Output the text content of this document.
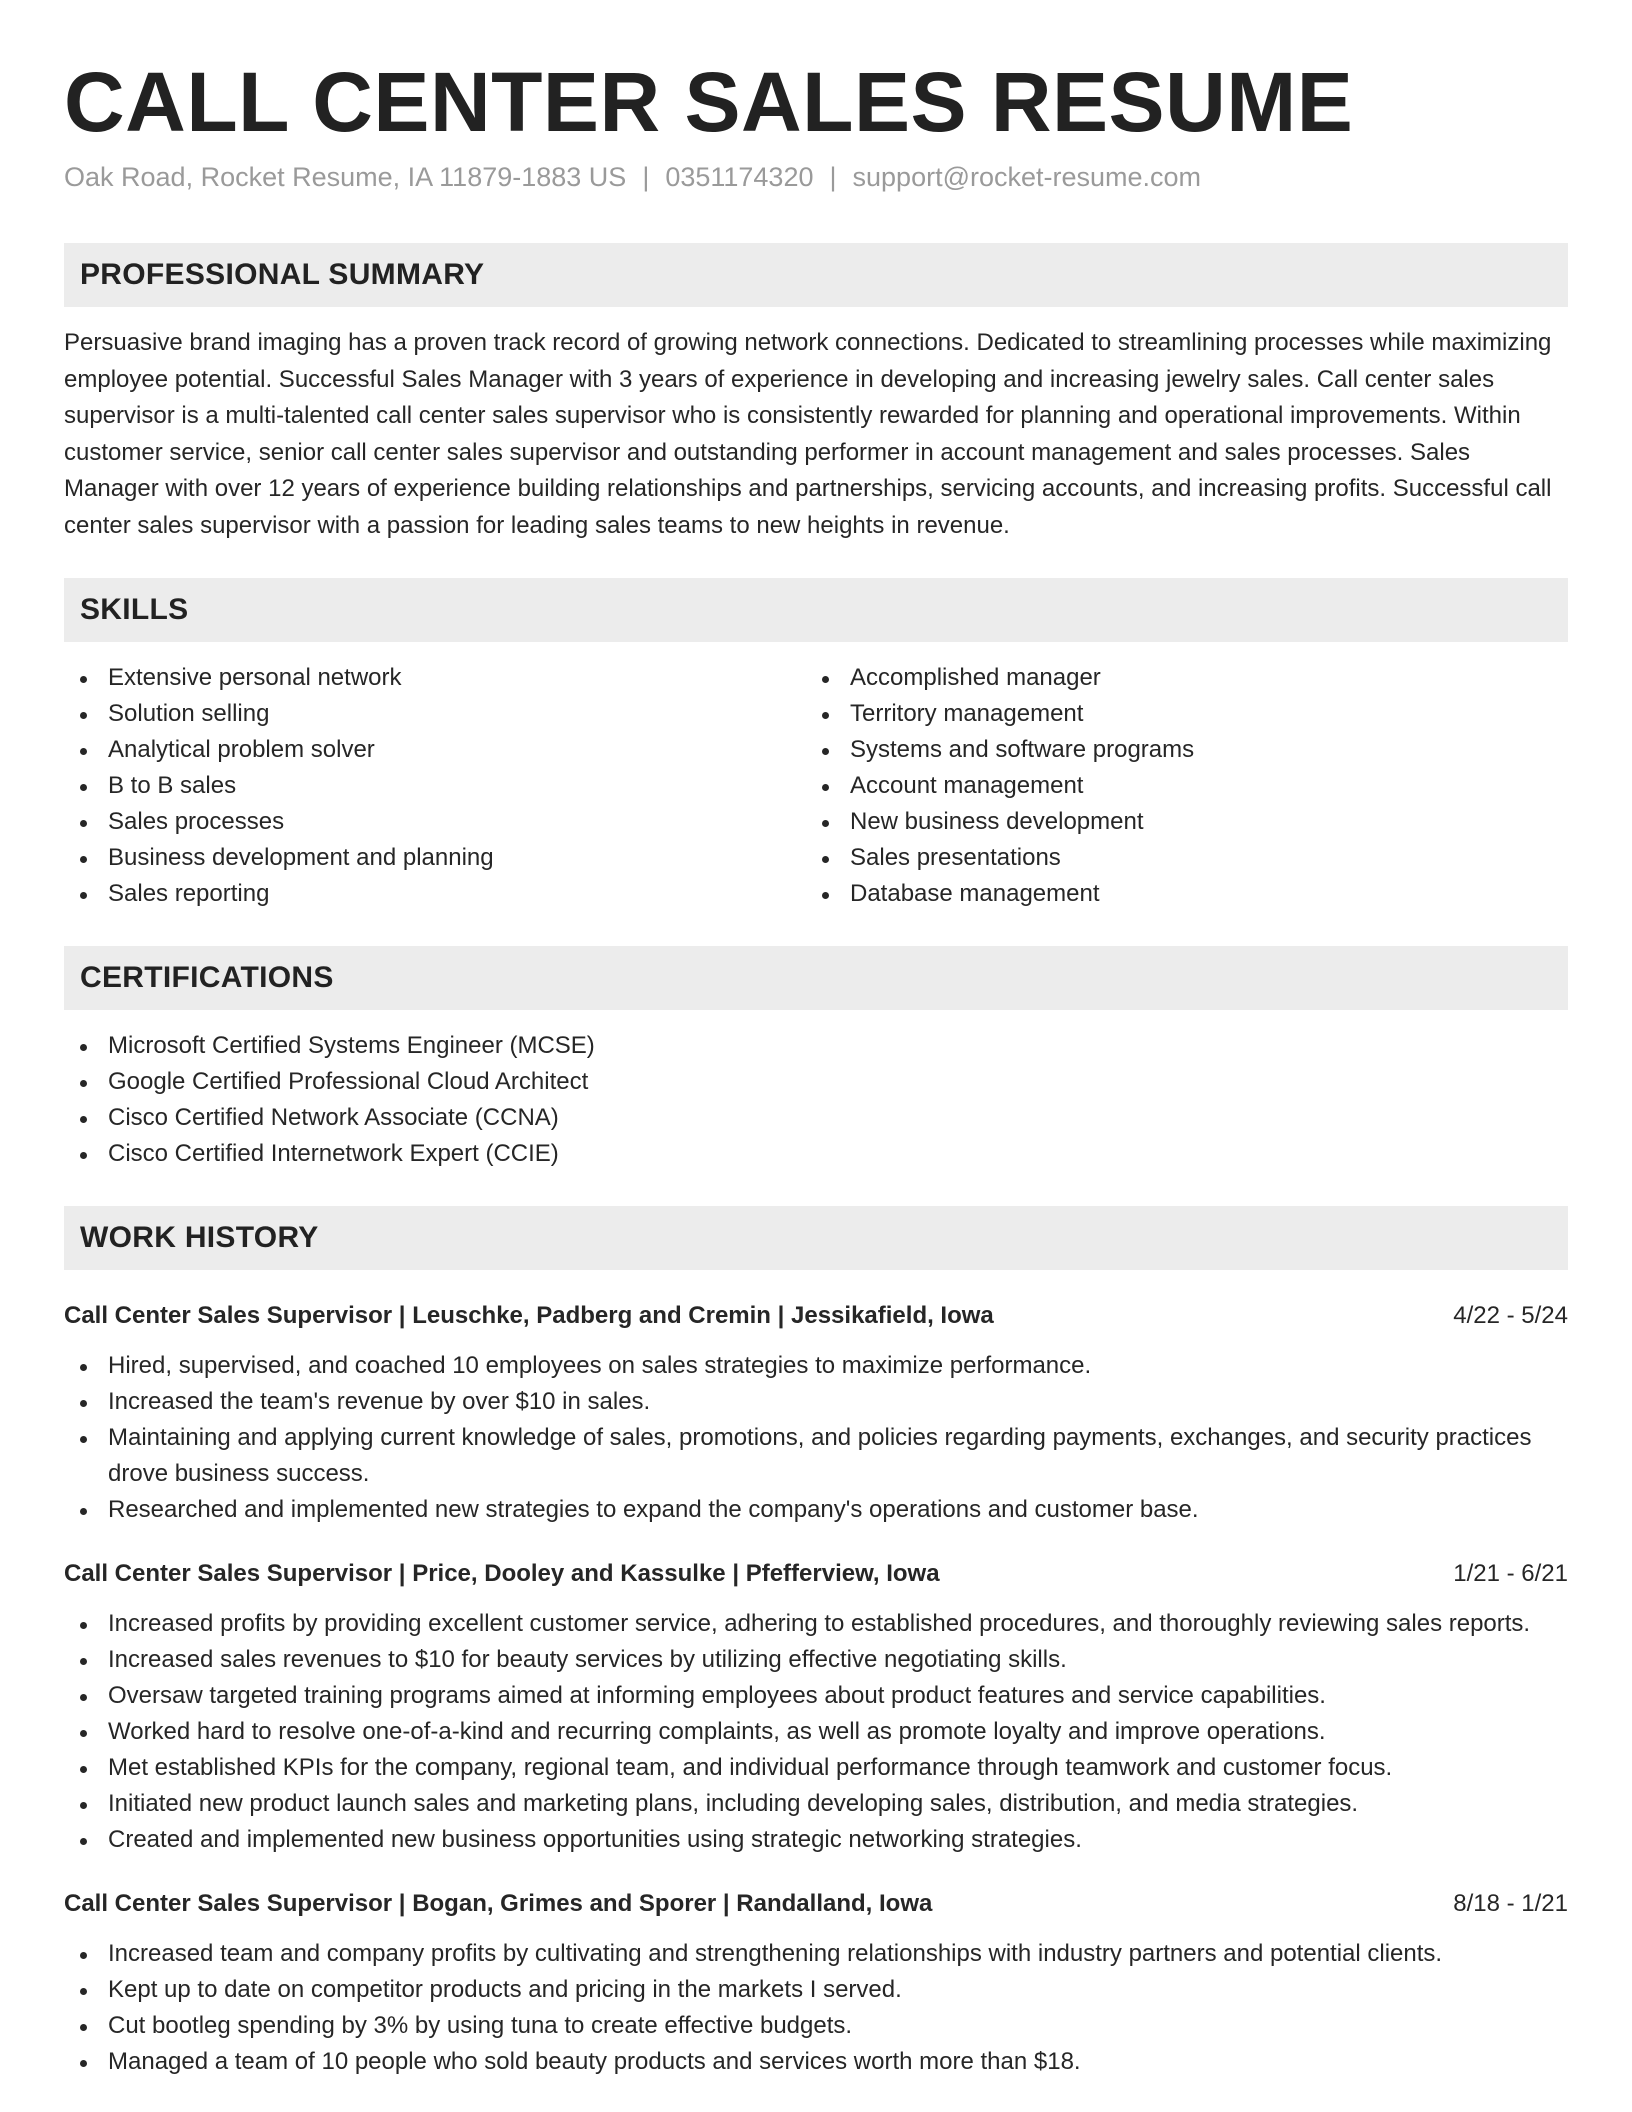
CALL CENTER SALES RESUME
Oak Road, Rocket Resume, IA 11879-1883 US | 0351174320 | support@rocket-resume.com
PROFESSIONAL SUMMARY

Persuasive brand imaging has a proven track record of growing network connections. Dedicated to streamlining processes while maximizing employee potential. Successful Sales Manager with 3 years of experience in developing and increasing jewelry sales. Call center sales supervisor is a multi-talented call center sales supervisor who is consistently rewarded for planning and operational improvements. Within customer service, senior call center sales supervisor and outstanding performer in account management and sales processes. Sales Manager with over 12 years of experience building relationships and partnerships, servicing accounts, and increasing profits. Successful call center sales supervisor with a passion for leading sales teams to new heights in revenue.

SKILLS
Extensive personal network
Solution selling
Analytical problem solver
B to B sales
Sales processes
Business development and planning
Sales reporting
Accomplished manager
Territory management
Systems and software programs
Account management
New business development
Sales presentations
Database management
CERTIFICATIONS
Microsoft Certified Systems Engineer (MCSE)
Google Certified Professional Cloud Architect
Cisco Certified Network Associate (CCNA)
Cisco Certified Internetwork Expert (CCIE)
WORK HISTORY
Call Center Sales Supervisor | Leuschke, Padberg and Cremin | Jessikafield, Iowa	4/22 - 5/24
Hired, supervised, and coached 10 employees on sales strategies to maximize performance.
Increased the team's revenue by over $10 in sales.
Maintaining and applying current knowledge of sales, promotions, and policies regarding payments, exchanges, and security practices drove business success.
Researched and implemented new strategies to expand the company's operations and customer base.
Call Center Sales Supervisor | Price, Dooley and Kassulke | Pfefferview, Iowa	1/21 - 6/21
Increased profits by providing excellent customer service, adhering to established procedures, and thoroughly reviewing sales reports.
Increased sales revenues to $10 for beauty services by utilizing effective negotiating skills.
Oversaw targeted training programs aimed at informing employees about product features and service capabilities.
Worked hard to resolve one-of-a-kind and recurring complaints, as well as promote loyalty and improve operations.
Met established KPIs for the company, regional team, and individual performance through teamwork and customer focus.
Initiated new product launch sales and marketing plans, including developing sales, distribution, and media strategies.
Created and implemented new business opportunities using strategic networking strategies.
Call Center Sales Supervisor | Bogan, Grimes and Sporer | Randalland, Iowa	8/18 - 1/21
Increased team and company profits by cultivating and strengthening relationships with industry partners and potential clients.
Kept up to date on competitor products and pricing in the markets I served.
Cut bootleg spending by 3% by using tuna to create effective budgets.
Managed a team of 10 people who sold beauty products and services worth more than $18.
